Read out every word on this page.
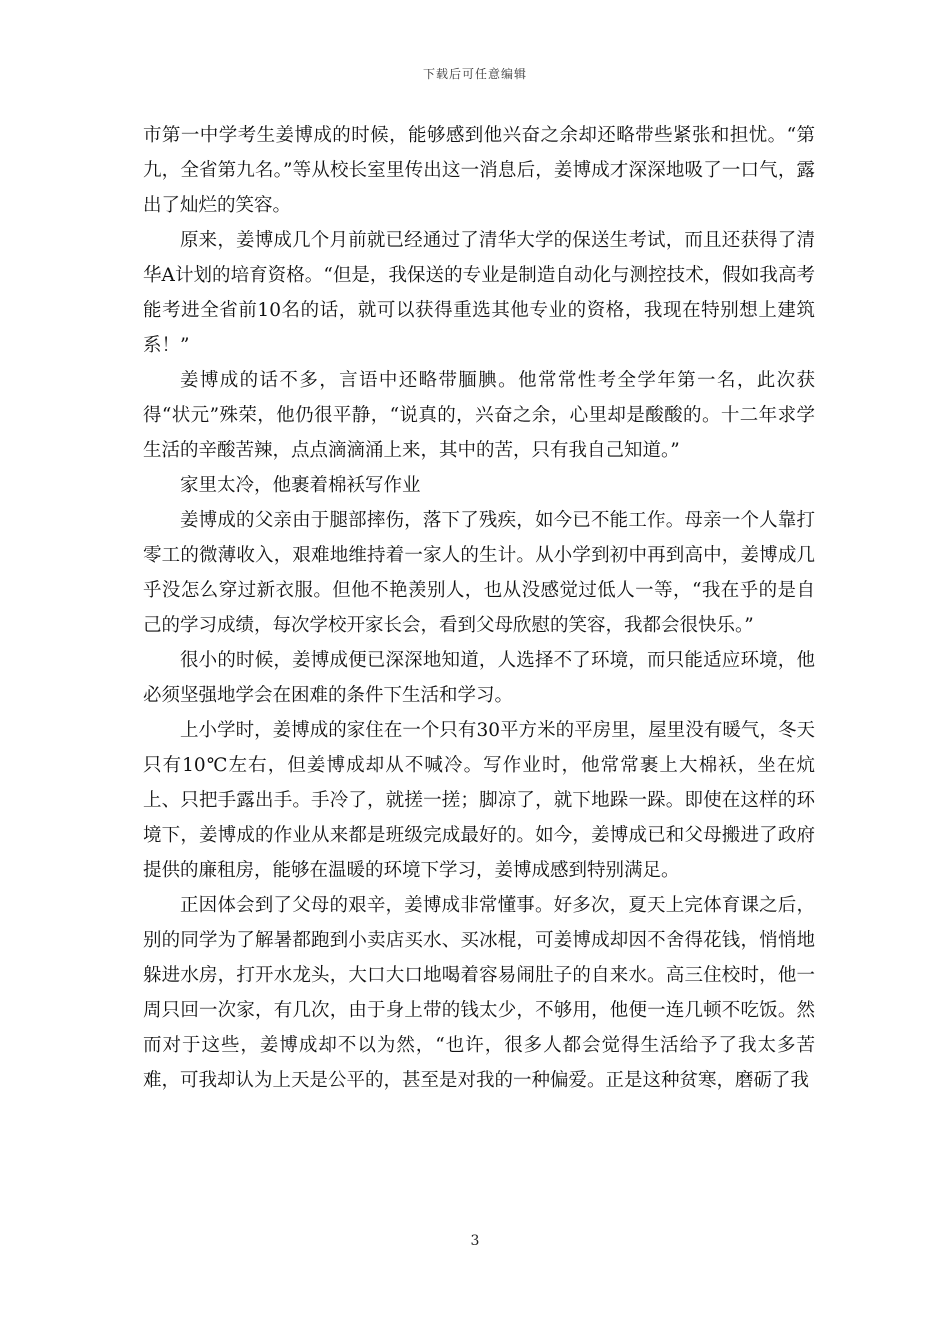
下载后可任意编辑

市第一中学考生姜博成的时候，能够感到他兴奋之余却还略带些紧张和担忧。“第九，全省第九名。”等从校长室里传出这一消息后，姜博成才深深地吸了一口气，露出了灿烂的笑容。

原来，姜博成几个月前就已经通过了清华大学的保送生考试，而且还获得了清华A计划的培育资格。“但是，我保送的专业是制造自动化与测控技术，假如我高考能考进全省前10名的话，就可以获得重选其他专业的资格，我现在特别想上建筑系！”

姜博成的话不多，言语中还略带腼腆。他常常性考全学年第一名，此次获得“状元”殊荣，他仍很平静，“说真的，兴奋之余，心里却是酸酸的。十二年求学生活的辛酸苦辣，点点滴滴涌上来，其中的苦，只有我自己知道。”

家里太冷，他裹着棉袄写作业

姜博成的父亲由于腿部摔伤，落下了残疾，如今已不能工作。母亲一个人靠打零工的微薄收入，艰难地维持着一家人的生计。从小学到初中再到高中，姜博成几乎没怎么穿过新衣服。但他不艳羡别人，也从没感觉过低人一等，“我在乎的是自己的学习成绩，每次学校开家长会，看到父母欣慰的笑容，我都会很快乐。”

很小的时候，姜博成便已深深地知道，人选择不了环境，而只能适应环境，他必须坚强地学会在困难的条件下生活和学习。

上小学时，姜博成的家住在一个只有30平方米的平房里，屋里没有暖气，冬天只有10℃左右，但姜博成却从不喊冷。写作业时，他常常裹上大棉袄，坐在炕上、只把手露出手。手冷了，就搓一搓；脚凉了，就下地跺一跺。即使在这样的环境下，姜博成的作业从来都是班级完成最好的。如今，姜博成已和父母搬进了政府提供的廉租房，能够在温暖的环境下学习，姜博成感到特别满足。

正因体会到了父母的艰辛，姜博成非常懂事。好多次，夏天上完体育课之后，别的同学为了解暑都跑到小卖店买水、买冰棍，可姜博成却因不舍得花钱，悄悄地躲进水房，打开水龙头，大口大口地喝着容易闹肚子的自来水。高三住校时，他一周只回一次家，有几次，由于身上带的钱太少，不够用，他便一连几顿不吃饭。然而对于这些，姜博成却不以为然，“也许，很多人都会觉得生活给予了我太多苦难，可我却认为上天是公平的，甚至是对我的一种偏爱。正是这种贫寒，磨砺了我

3
